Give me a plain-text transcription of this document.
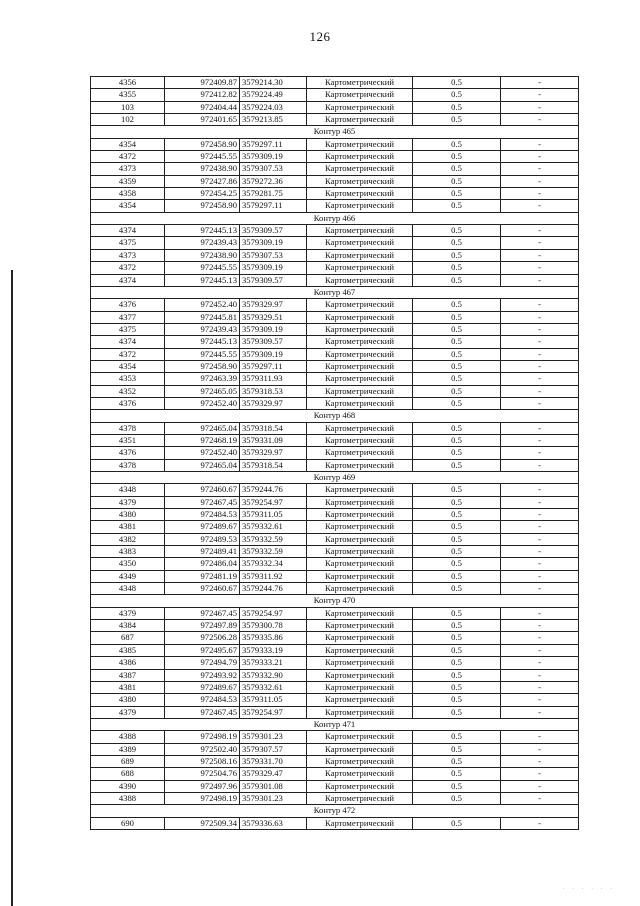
126
4356	972409.87	3579214.30	Картометрический	0.5	-
4355	972412.82	3579224.49	Картометрический	0.5	-
103	972404.44	3579224.03	Картометрический	0.5	-
102	972401.65	3579213.85	Картометрический	0.5	-
Контур 465					
4354	972458.90	3579297.11	Картометрический	0.5	-
4372	972445.55	3579309.19	Картометрический	0.5	-
4373	972438.90	3579307.53	Картометрический	0.5	-
4359	972427.86	3579272.36	Картометрический	0.5	-
4358	972454.25	3579281.75	Картометрический	0.5	-
4354	972458.90	3579297.11	Картометрический	0.5	-
Контур 466					
4374	972445.13	3579309.57	Картометрический	0.5	-
4375	972439.43	3579309.19	Картометрический	0.5	-
4373	972438.90	3579307.53	Картометрический	0.5	-
4372	972445.55	3579309.19	Картометрический	0.5	-
4374	972445.13	3579309.57	Картометрический	0.5	-
Контур 467					
4376	972452.40	3579329.97	Картометрический	0.5	-
4377	972445.81	3579329.51	Картометрический	0.5	-
4375	972439.43	3579309.19	Картометрический	0.5	-
4374	972445.13	3579309.57	Картометрический	0.5	-
4372	972445.55	3579309.19	Картометрический	0.5	-
4354	972458.90	3579297.11	Картометрический	0.5	-
4353	972463.39	3579311.93	Картометрический	0.5	-
4352	972465.05	3579318.53	Картометрический	0.5	-
4376	972452.40	3579329.97	Картометрический	0.5	-
Контур 468					
4378	972465.04	3579318.54	Картометрический	0.5	-
4351	972468.19	3579331.09	Картометрический	0.5	-
4376	972452.40	3579329.97	Картометрический	0.5	-
4378	972465.04	3579318.54	Картометрический	0.5	-
Контур 469					
4348	972460.67	3579244.76	Картометрический	0.5	-
4379	972467.45	3579254.97	Картометрический	0.5	-
4380	972484.53	3579311.05	Картометрический	0.5	-
4381	972489.67	3579332.61	Картометрический	0.5	-
4382	972489.53	3579332.59	Картометрический	0.5	-
4383	972489.41	3579332.59	Картометрический	0.5	-
4350	972486.04	3579332.34	Картометрический	0.5	-
4349	972481.19	3579311.92	Картометрический	0.5	-
4348	972460.67	3579244.76	Картометрический	0.5	-
Контур 470					
4379	972467.45	3579254.97	Картометрический	0.5	-
4384	972497.89	3579300.78	Картометрический	0.5	-
687	972506.28	3579335.86	Картометрический	0.5	-
4385	972495.67	3579333.19	Картометрический	0.5	-
4386	972494.79	3579333.21	Картометрический	0.5	-
4387	972493.92	3579332.90	Картометрический	0.5	-
4381	972489.67	3579332.61	Картометрический	0.5	-
4380	972484.53	3579311.05	Картометрический	0.5	-
4379	972467.45	3579254.97	Картометрический	0.5	-
Контур 471					
4388	972498.19	3579301.23	Картометрический	0.5	-
4389	972502.40	3579307.57	Картометрический	0.5	-
689	972508.16	3579331.70	Картометрический	0.5	-
688	972504.76	3579329.47	Картометрический	0.5	-
4390	972497.96	3579301.08	Картометрический	0.5	-
4388	972498.19	3579301.23	Картометрический	0.5	-
Контур 472					
690	972509.34	3579336.63	Картометрический	0.5	-
. . . . . .
